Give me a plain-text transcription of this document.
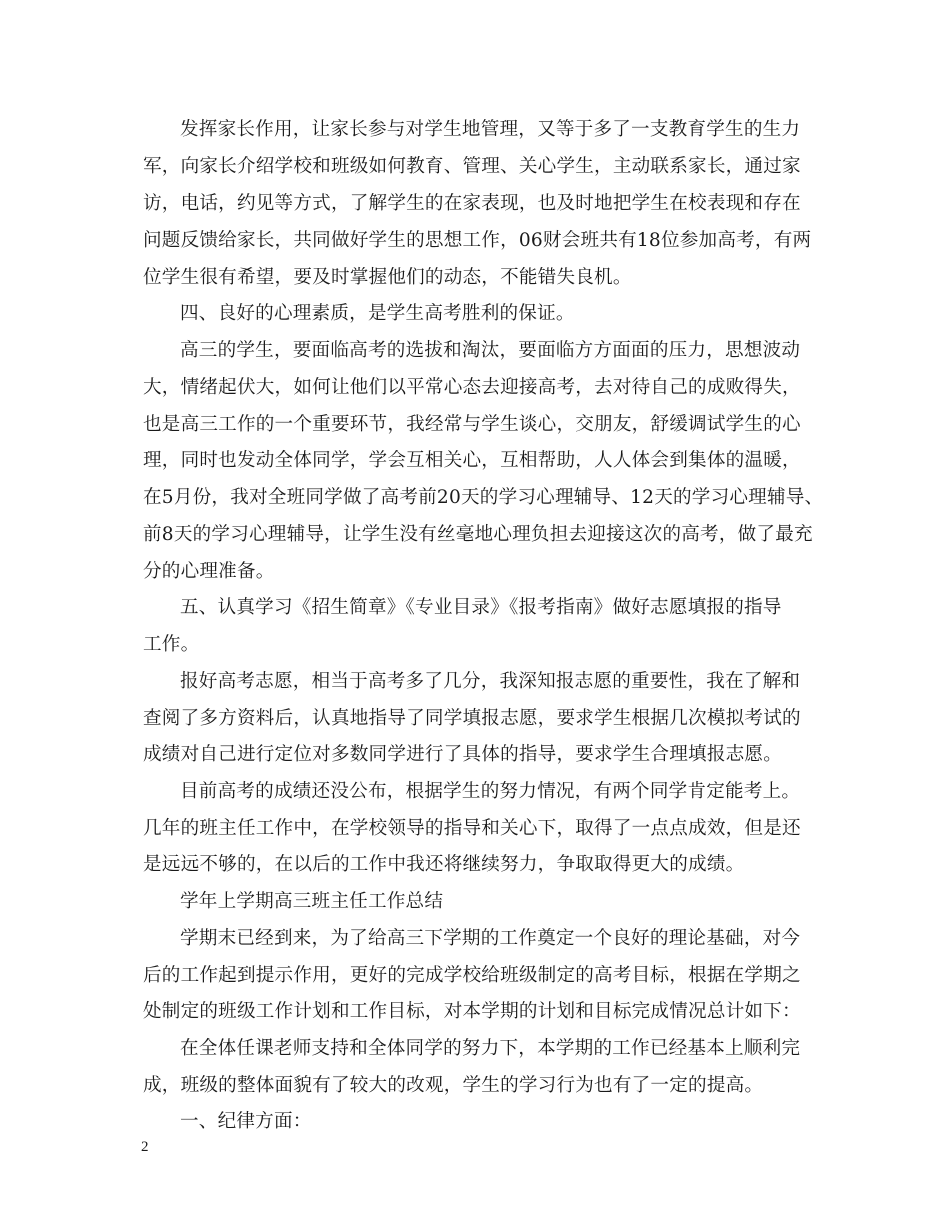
发挥家长作用，让家长参与对学生地管理，又等于多了一支教育学生的生力
军，向家长介绍学校和班级如何教育、管理、关心学生，主动联系家长，通过家
访，电话，约见等方式，了解学生的在家表现，也及时地把学生在校表现和存在
问题反馈给家长，共同做好学生的思想工作，06财会班共有18位参加高考，有两
位学生很有希望，要及时掌握他们的动态，不能错失良机。
四、良好的心理素质，是学生高考胜利的保证。
高三的学生，要面临高考的选拔和淘汰，要面临方方面面的压力，思想波动
大，情绪起伏大，如何让他们以平常心态去迎接高考，去对待自己的成败得失，
也是高三工作的一个重要环节，我经常与学生谈心，交朋友，舒缓调试学生的心
理，同时也发动全体同学，学会互相关心，互相帮助，人人体会到集体的温暖，
在5月份，我对全班同学做了高考前20天的学习心理辅导、12天的学习心理辅导、
前8天的学习心理辅导，让学生没有丝毫地心理负担去迎接这次的高考，做了最充
分的心理准备。
五、认真学习《招生简章》《专业目录》《报考指南》做好志愿填报的指导
工作。
报好高考志愿，相当于高考多了几分，我深知报志愿的重要性，我在了解和
查阅了多方资料后，认真地指导了同学填报志愿，要求学生根据几次模拟考试的
成绩对自己进行定位对多数同学进行了具体的指导，要求学生合理填报志愿。
目前高考的成绩还没公布，根据学生的努力情况，有两个同学肯定能考上。
几年的班主任工作中，在学校领导的指导和关心下，取得了一点点成效，但是还
是远远不够的，在以后的工作中我还将继续努力，争取取得更大的成绩。
学年上学期高三班主任工作总结
学期末已经到来，为了给高三下学期的工作奠定一个良好的理论基础，对今
后的工作起到提示作用，更好的完成学校给班级制定的高考目标，根据在学期之
处制定的班级工作计划和工作目标，对本学期的计划和目标完成情况总计如下：
在全体任课老师支持和全体同学的努力下，本学期的工作已经基本上顺利完
成，班级的整体面貌有了较大的改观，学生的学习行为也有了一定的提高。
一、纪律方面：
2
